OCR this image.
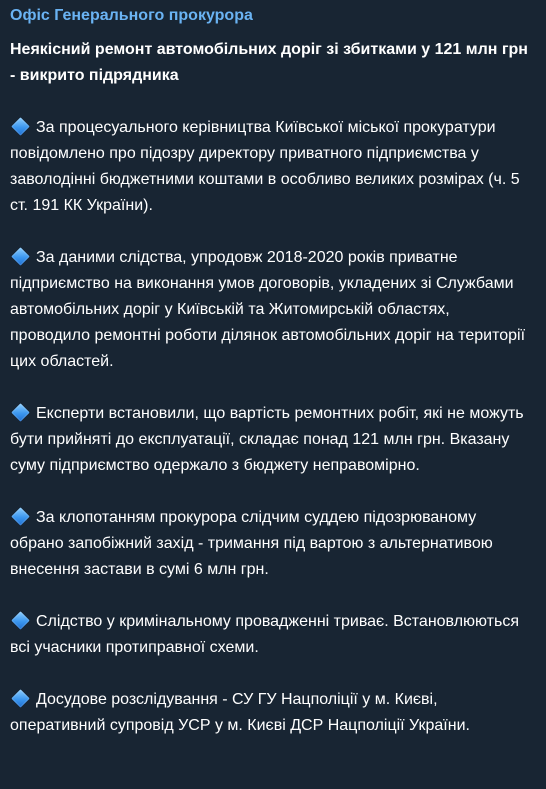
Офіс Генерального прокурора
Неякісний ремонт автомобільних доріг зі збитками у 121 млн грн - викрито підрядника

За процесуального керівництва Київської міської прокуратури повідомлено про підозру директору приватного підприємства у заволодінні бюджетними коштами в особливо великих розмірах (ч. 5 ст. 191 КК України).

За даними слідства, упродовж 2018-2020 років приватне підприємство на виконання умов договорів, укладених зі Службами автомобільних доріг у Київській та Житомирській областях, проводило ремонтні роботи ділянок автомобільних доріг на території цих областей.

Експерти встановили, що вартість ремонтних робіт, які не можуть бути прийняті до експлуатації, складає понад 121 млн грн. Вказану суму підприємство одержало з бюджету неправомірно.

За клопотанням прокурора слідчим суддею підозрюваному обрано запобіжний захід - тримання під вартою з альтернативою внесення застави в сумі 6 млн грн.

Слідство у кримінальному провадженні триває. Встановлюються всі учасники протиправної схеми.

Досудове розслідування - СУ ГУ Нацполіції у м. Києві, оперативний супровід УСР у м. Києві ДСР Нацполіції України.
